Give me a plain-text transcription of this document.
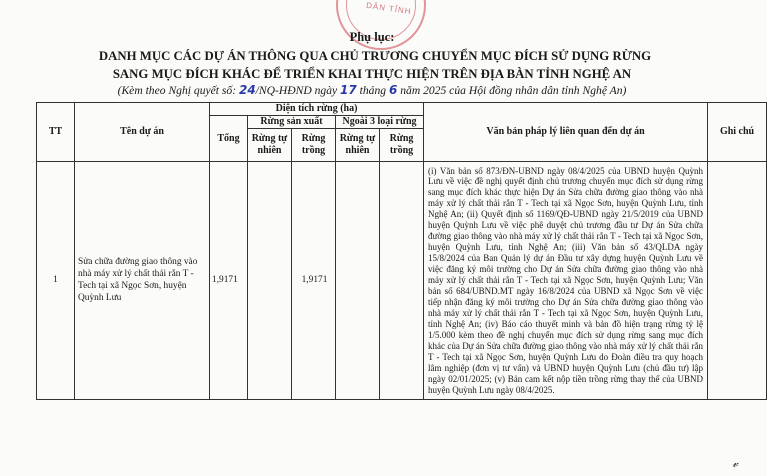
DÂN TỈNH
Phụ lục:
DANH MỤC CÁC DỰ ÁN THÔNG QUA CHỦ TRƯƠNG CHUYỂN MỤC ĐÍCH SỬ DỤNG RỪNG
SANG MỤC ĐÍCH KHÁC ĐỂ TRIỂN KHAI THỰC HIỆN TRÊN ĐỊA BÀN TỈNH NGHỆ AN
(Kèm theo Nghị quyết số: 24/NQ-HĐND ngày 17 tháng 6 năm 2025 của Hội đồng nhân dân tỉnh Nghệ An)
TT	Tên dự án	Diện tích rừng (ha)					Văn bản pháp lý liên quan đến dự án	Ghi chú
		Tổng	Rừng sản xuất		Ngoài 3 loại rừng			
			Rừng tự nhiên	Rừng trồng	Rừng tự nhiên	Rừng trồng		
1	Sửa chữa đường giao thông vào nhà máy xử lý chất thải rắn T - Tech tại xã Ngọc Sơn, huyện Quỳnh Lưu	1,9171		1,9171			(i) Văn bản số 873/ĐN-UBND ngày 08/4/2025 của UBND huyện Quỳnh Lưu về việc đề nghị quyết định chủ trương chuyển mục đích sử dụng rừng sang mục đích khác thực hiện Dự án Sửa chữa đường giao thông vào nhà máy xử lý chất thải rắn T - Tech tại xã Ngọc Sơn, huyện Quỳnh Lưu, tỉnh Nghệ An; (ii) Quyết định số 1169/QĐ-UBND ngày 21/5/2019 của UBND huyện Quỳnh Lưu về việc phê duyệt chủ trương đầu tư Dự án Sửa chữa đường giao thông vào nhà máy xử lý chất thải rắn T - Tech tại xã Ngọc Sơn, huyện Quỳnh Lưu, tỉnh Nghệ An; (iii) Văn bản số 43/QLDA ngày 15/8/2024 của Ban Quản lý dự án Đầu tư xây dựng huyện Quỳnh Lưu về việc đăng ký môi trường cho Dự án Sửa chữa đường giao thông vào nhà máy xử lý chất thải rắn T - Tech tại xã Ngọc Sơn, huyện Quỳnh Lưu; Văn bản số 684/UBND.MT ngày 16/8/2024 của UBND xã Ngọc Sơn về việc tiếp nhận đăng ký môi trường cho Dự án Sửa chữa đường giao thông vào nhà máy xử lý chất thải rắn T - Tech tại xã Ngọc Sơn, huyện Quỳnh Lưu, tỉnh Nghệ An; (iv) Báo cáo thuyết minh và bản đồ hiện trạng rừng tỷ lệ 1/5.000 kèm theo đề nghị chuyển mục đích sử dụng rừng sang mục đích khác của Dự án Sửa chữa đường giao thông vào nhà máy xử lý chất thải rắn T - Tech tại xã Ngọc Sơn, huyện Quỳnh Lưu do Đoàn điều tra quy hoạch lâm nghiệp (đơn vị tư vấn) và UBND huyện Quỳnh Lưu (chủ đầu tư) lập ngày 02/01/2025; (v) Bản cam kết nộp tiền trồng rừng thay thế của UBND huyện Quỳnh Lưu ngày 08/4/2025.	
𝓋
